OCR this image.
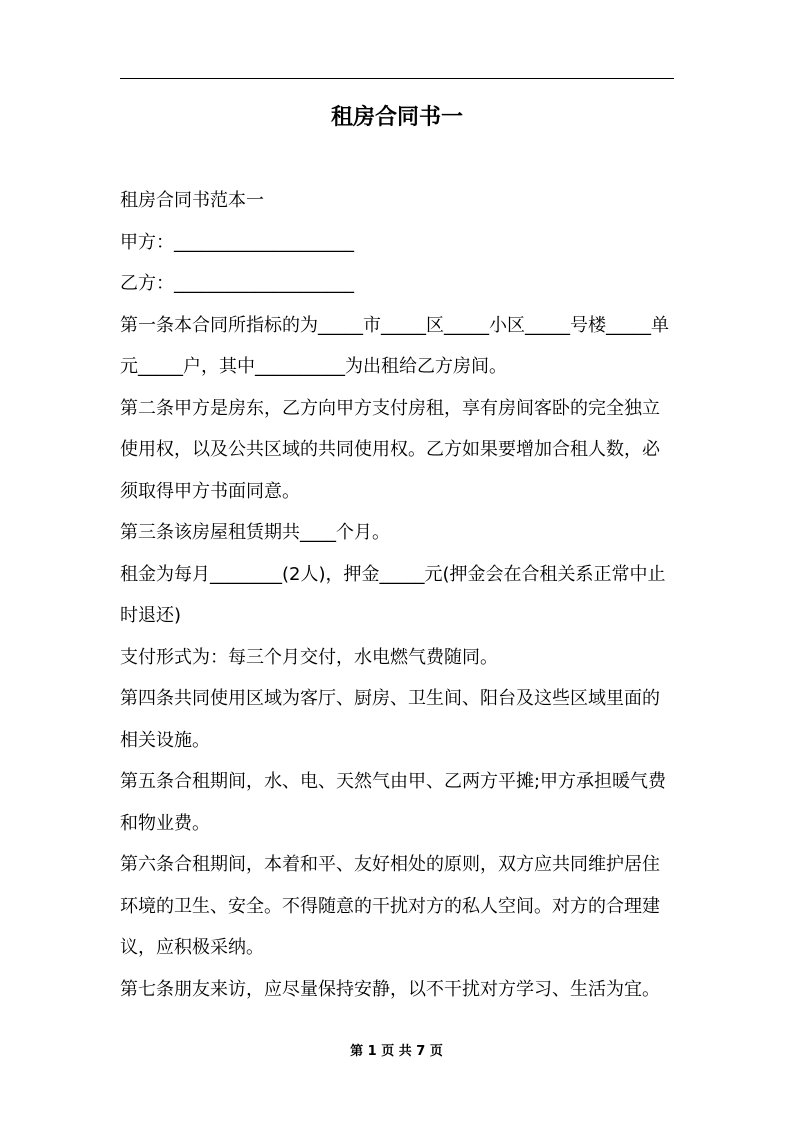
租房合同书一

租房合同书范本一

甲方：____________________

乙方：____________________

第一条本合同所指标的为_____市_____区_____小区_____号楼_____单元_____户，其中__________为出租给乙方房间。

第二条甲方是房东，乙方向甲方支付房租，享有房间客卧的完全独立使用权，以及公共区域的共同使用权。乙方如果要增加合租人数，必须取得甲方书面同意。

第三条该房屋租赁期共____个月。

租金为每月________(2人)，押金_____元(押金会在合租关系正常中止时退还)

支付形式为：每三个月交付，水电燃气费随同。

第四条共同使用区域为客厅、厨房、卫生间、阳台及这些区域里面的相关设施。

第五条合租期间，水、电、天然气由甲、乙两方平摊;甲方承担暖气费和物业费。

第六条合租期间，本着和平、友好相处的原则，双方应共同维护居住环境的卫生、安全。不得随意的干扰对方的私人空间。对方的合理建议，应积极采纳。

第七条朋友来访，应尽量保持安静，以不干扰对方学习、生活为宜。

第 1 页 共 7 页
